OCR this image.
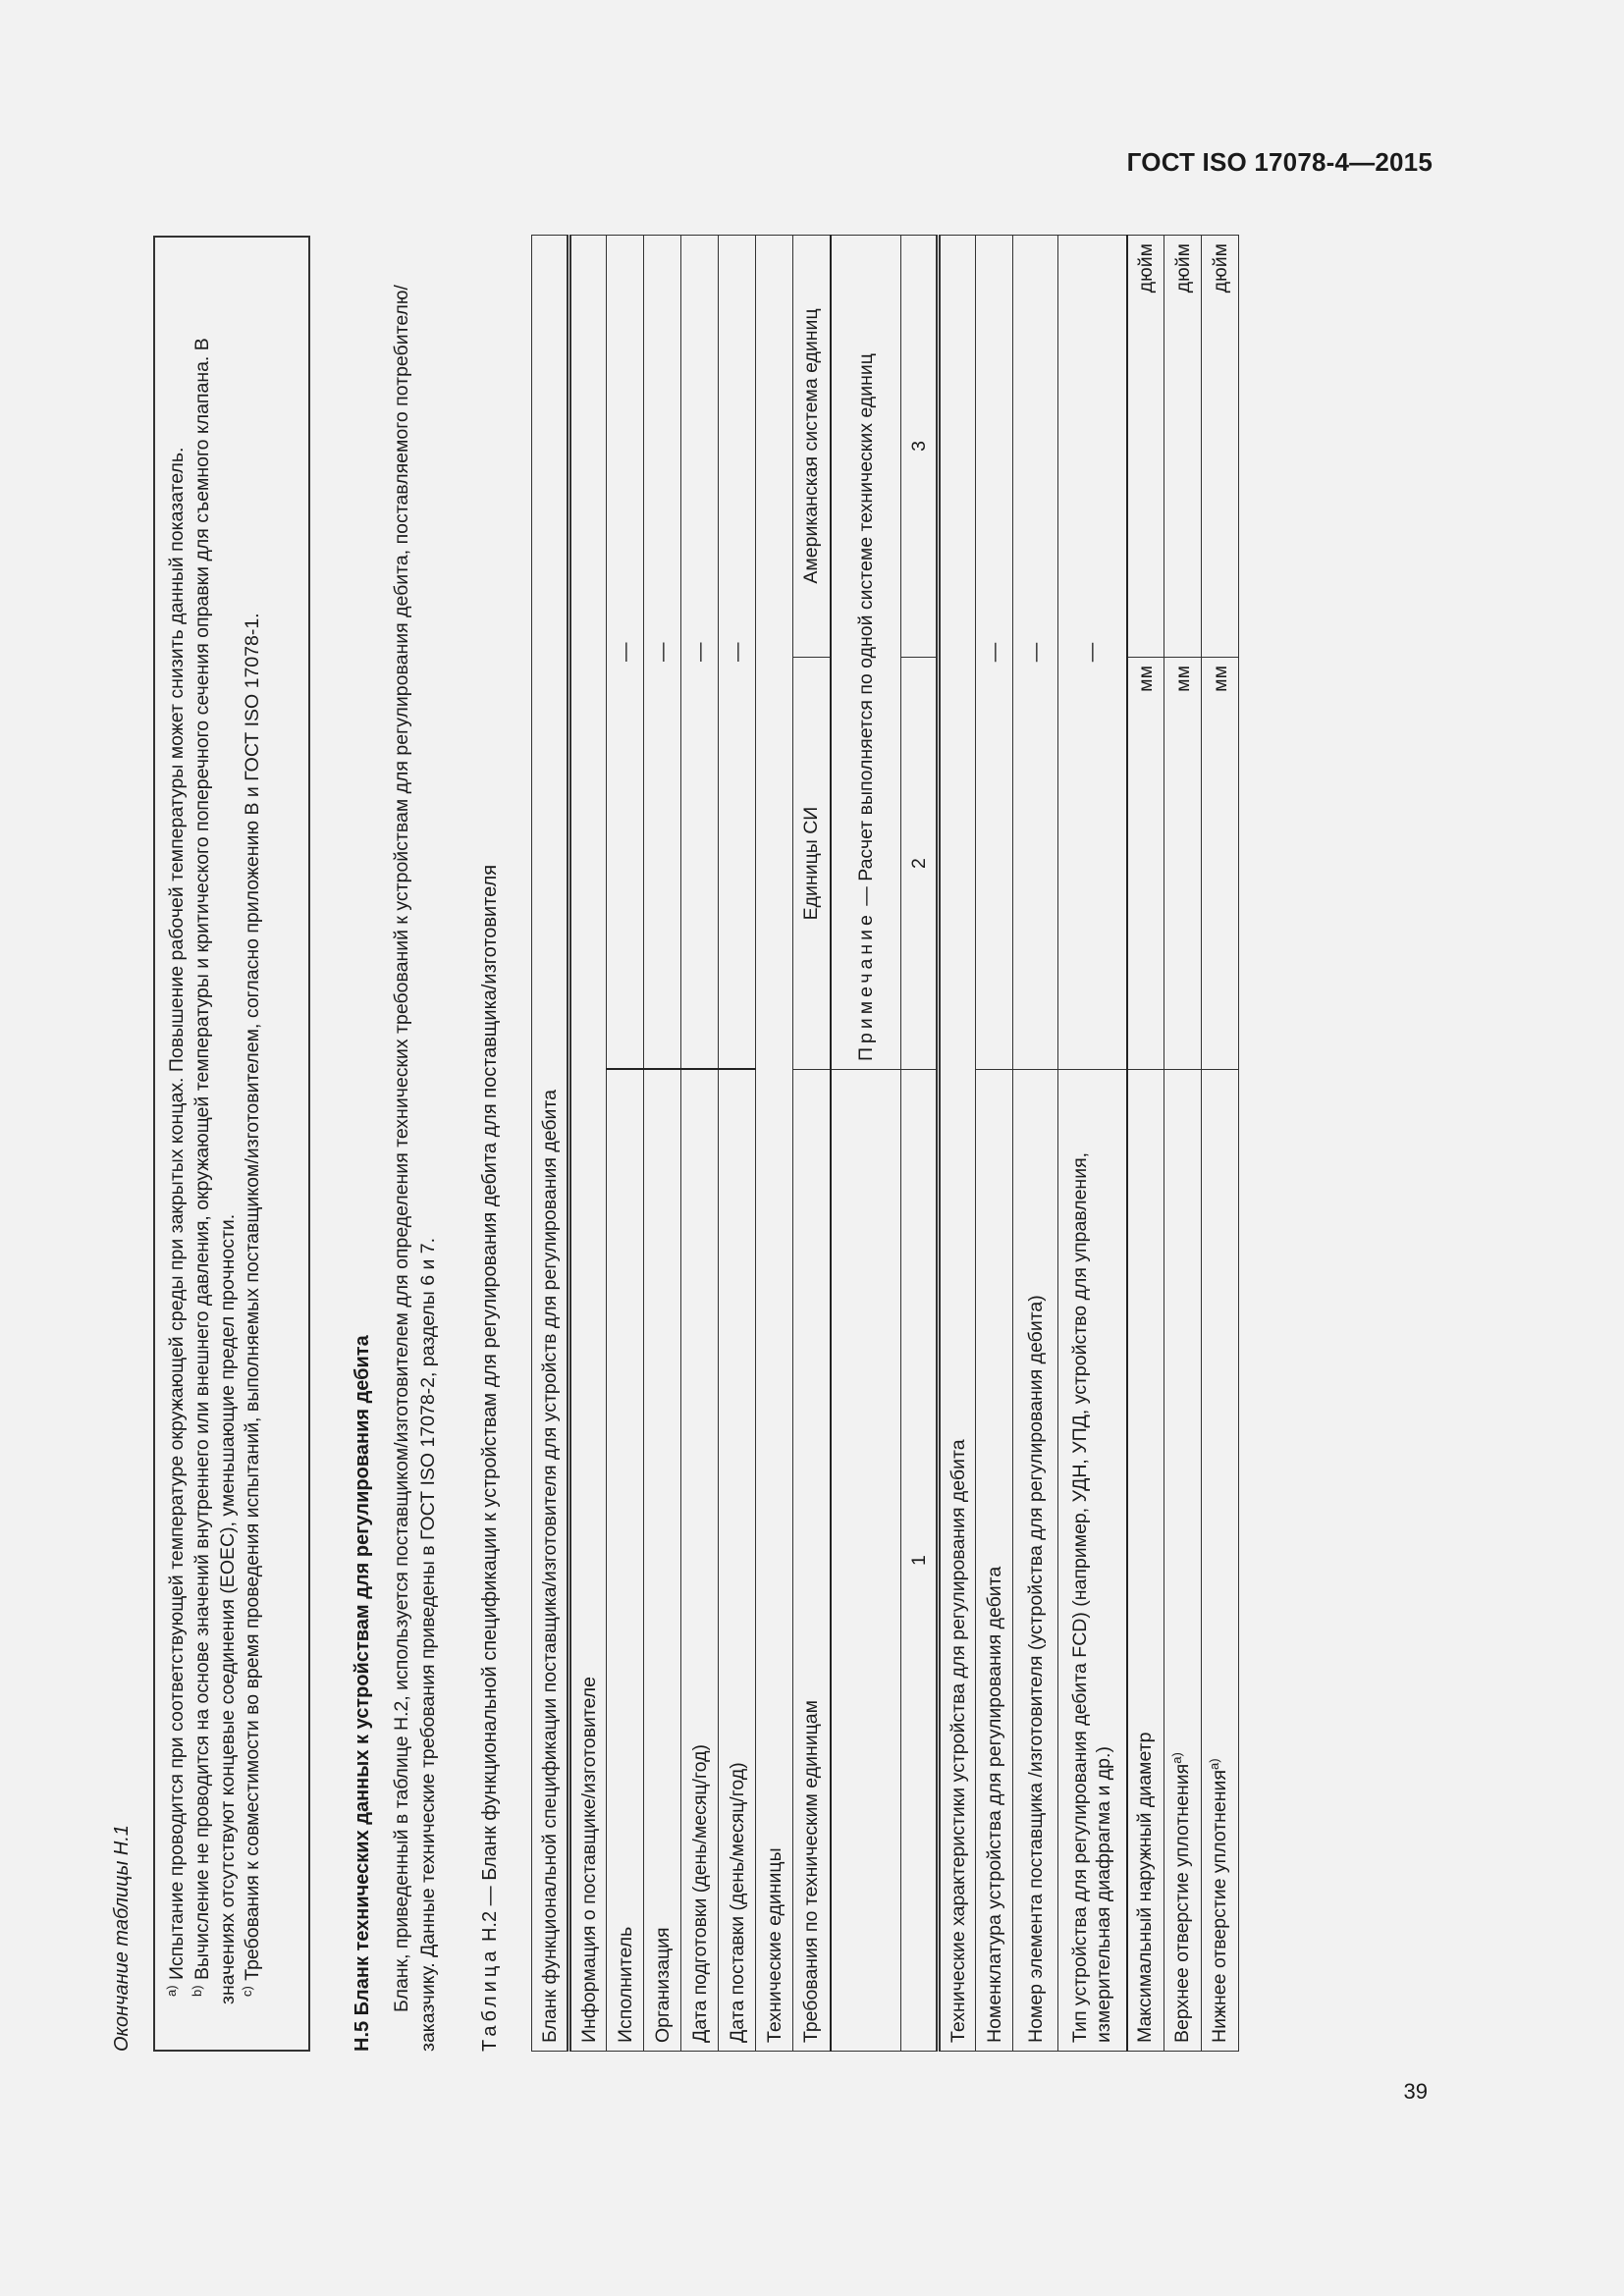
ГОСТ ISO 17078-4—2015
Окончание таблицы Н.1 $^{a)}$ Испытание проводится при соответствующей температуре окружающей среды при закрытых концах. Повышение рабочей температуры может снизить данный показатель.
$^{b)}$ Вычисление не проводится на основе значений внутреннего или внешнего давления, окружающей температуры и критического поперечного сечения оправки для съемного клапана. В значениях отсутствуют концевые соединения (EOEC), уменьшающие предел прочности. $^{c)}$ Требования к совместимости во время проведения испытаний, выполняемых поставщиком/изготовителем, согласно приложению В и ГОСТ ISO 17078-1.	Н.5 Бланк технических данных к устройствам для регулирования дебита Бланк, приведенный в таблице Н.2, используется поставщиком/изготовителем для определения технических требований к устройствам для регулирования дебита, поставляемого потребителю/заказчику. Данные технические требования приведены в ГОСТ ISO 17078-2, разделы 6 и 7. Таблица Н.2 — Бланк функциональной спецификации к устройствам для регулирования дебита для поставщика/изготовителя Бланк функциональной спецификации поставщика/изготовителя для устройств для регулирования дебита		
Информация о поставщике/изготовителе		
Исполнитель	—	
Организация	—	
Дата подготовки (день/месяц/год)	—	
Дата поставки (день/месяц/год)	—	
Технические единицы		
Требования по техническим единицам	Единицы СИ	Американская система единиц
	Примечание — Расчет выполняется по одной системе технических единиц	
1	2	3
Технические характеристики устройства для регулирования дебита		
Номенклатура устройства для регулирования дебита	—	
Номер элемента поставщика /изготовителя (устройства для регулирования дебита)	—	
Тип устройства для регулирования дебита FCD) (например, УДН, УПД, устройство для управления, измерительная диафрагма и др.)	—	
Максимальный наружный диаметр	мм	дюйм
Верхнее отверстие уплотнения$^{a)}$	мм	дюйм
Нижнее отверстие уплотнения$^{a)}$	мм	дюйм
39
